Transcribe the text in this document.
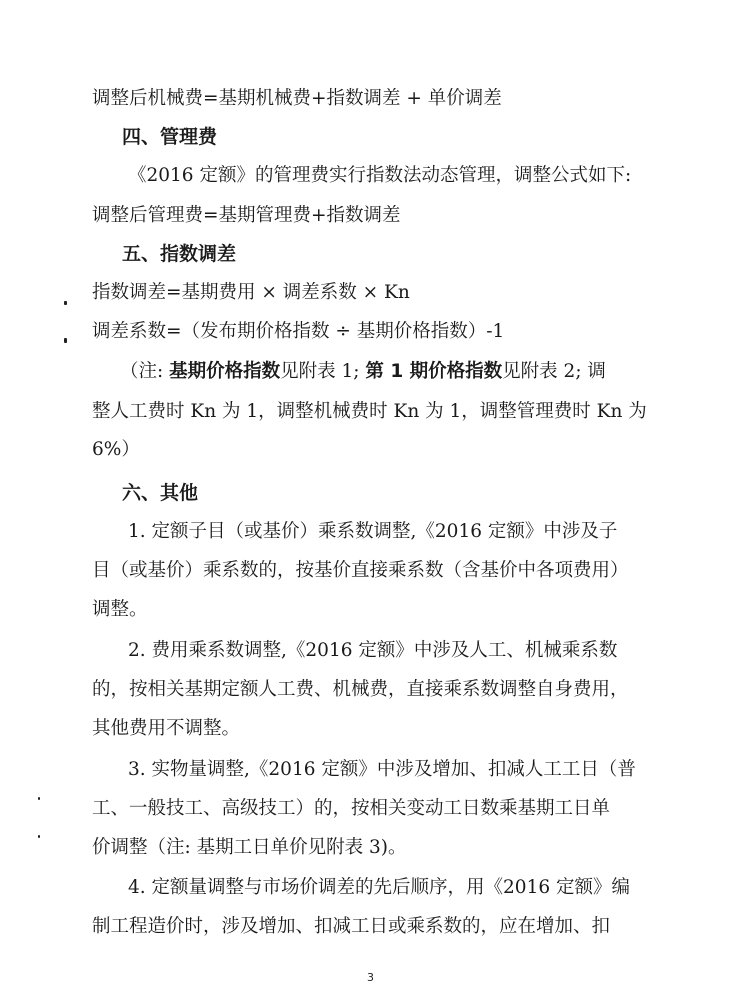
调整后机械费=基期机械费+指数调差 + 单价调差
四、管理费
《2016 定额》的管理费实行指数法动态管理，调整公式如下:
调整后管理费=基期管理费+指数调差
五、指数调差
指数调差=基期费用 × 调差系数 × Kn
调差系数=（发布期价格指数 ÷ 基期价格指数）-1
（注: 基期价格指数见附表 1; 第 1 期价格指数见附表 2; 调
整人工费时 Kn 为 1，调整机械费时 Kn 为 1，调整管理费时 Kn 为
6%）
六、其他
1. 定额子目（或基价）乘系数调整,《2016 定额》中涉及子
目（或基价）乘系数的，按基价直接乘系数（含基价中各项费用）
调整。
2. 费用乘系数调整,《2016 定额》中涉及人工、机械乘系数
的，按相关基期定额人工费、机械费，直接乘系数调整自身费用，
其他费用不调整。
3. 实物量调整,《2016 定额》中涉及增加、扣减人工工日（普
工、一般技工、高级技工）的，按相关变动工日数乘基期工日单
价调整（注: 基期工日单价见附表 3)。
4. 定额量调整与市场价调差的先后顺序，用《2016 定额》编
制工程造价时，涉及增加、扣减工日或乘系数的，应在增加、扣
3
